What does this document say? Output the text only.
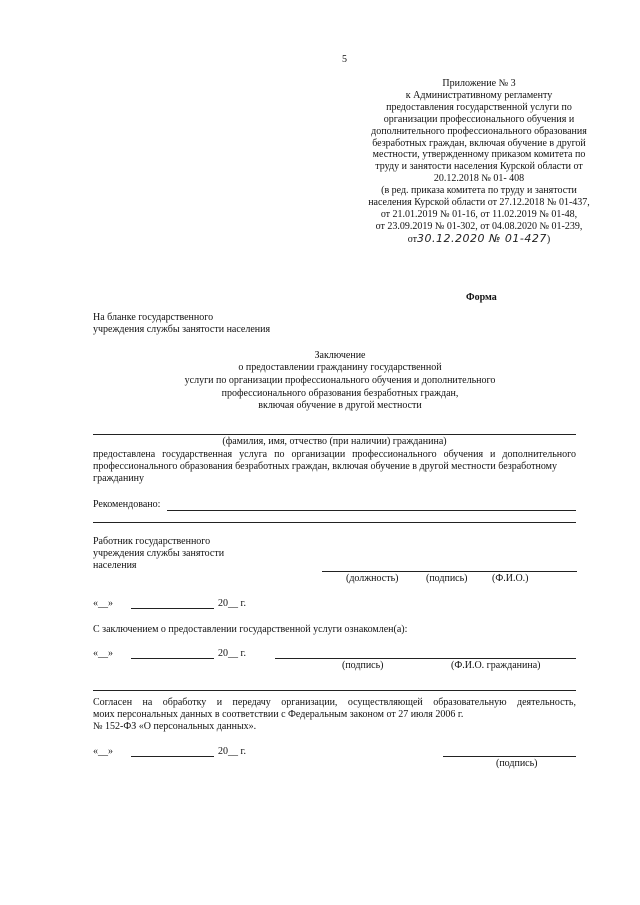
5
Приложение № 3
к Административному регламенту
предоставления государственной услуги по
организации профессионального обучения и
дополнительного профессионального образования
безработных граждан, включая обучение в другой
местности, утвержденному приказом комитета по
труду и занятости населения Курской области от
20.12.2018 № 01- 408
(в ред. приказа комитета по труду и занятости
населения Курской области от 27.12.2018 № 01-437,
от 21.01.2019 № 01-16, от 11.02.2019 № 01-48,
от 23.09.2019 № 01-302, от 04.08.2020 № 01-239,
от30.12.2020 № 01-427)
Форма
На бланке государственного
учреждения службы занятости населения
Заключение
о предоставлении гражданину государственной
услуги по организации профессионального обучения и дополнительного
профессионального образования безработных граждан,
включая обучение в другой местности
(фамилия, имя, отчество (при наличии) гражданина)
предоставлена государственная услуга по организации профессионального обучения и дополнительного
профессионального образования безработных граждан, включая обучение в другой местности безработному
гражданину
Рекомендовано:
Работник государственного
учреждения службы занятости
населения
(должность)	(подпись) (Ф.И.О.)
«__»	20__ г.
С заключением о предоставлении государственной услуги ознакомлен(а):
«__»	20__ г.
(подпись)	(Ф.И.О. гражданина)
Согласен на обработку и передачу организации, осуществляющей образовательную деятельность,
моих персональных данных в соответствии с Федеральным законом от 27 июля 2006 г.
№ 152-ФЗ «О персональных данных».
«__»	20__ г.
(подпись)
